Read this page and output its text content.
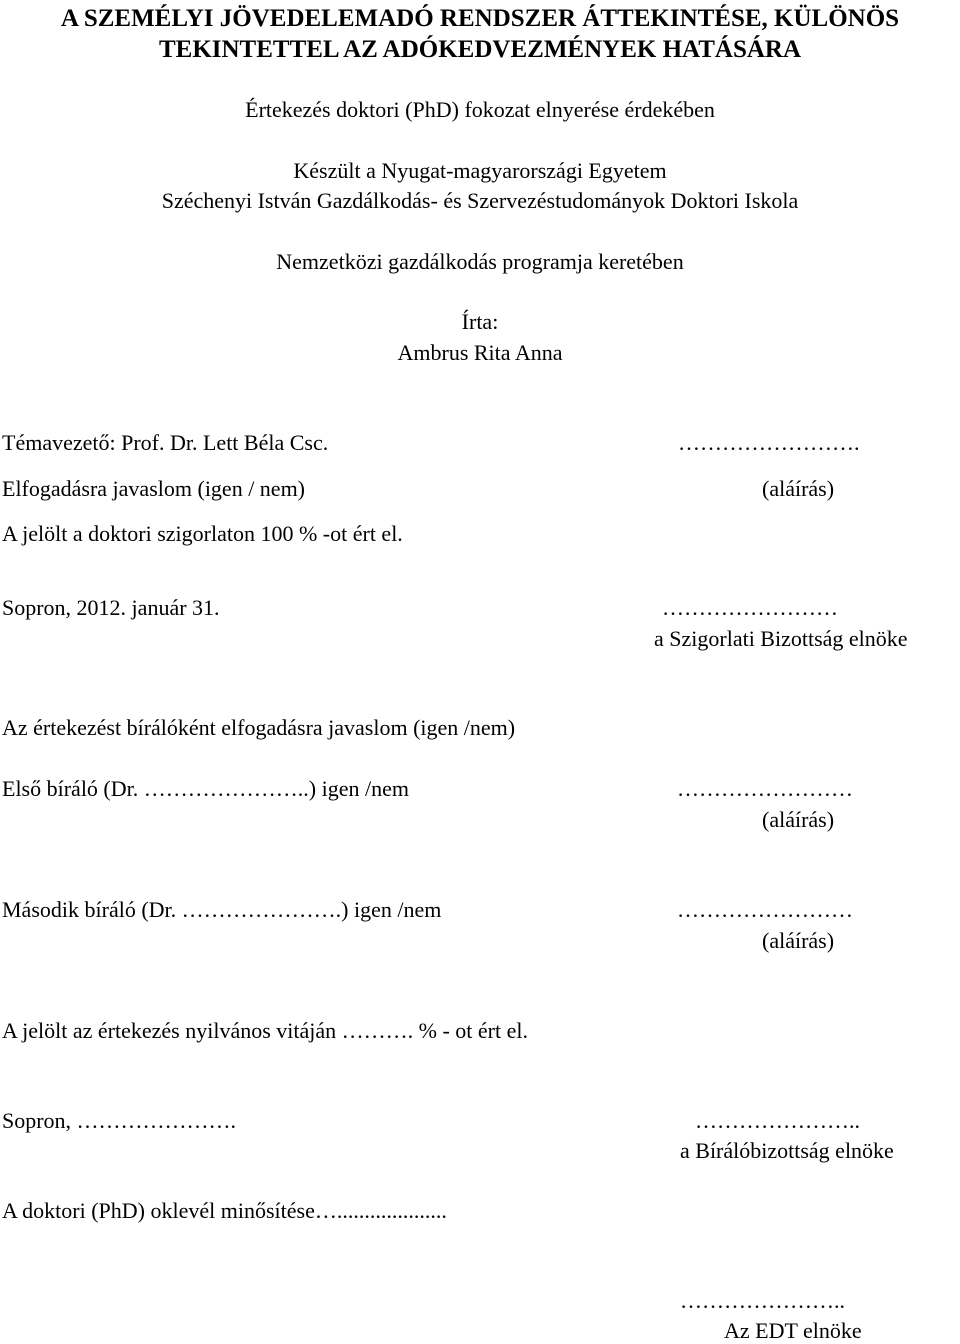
A SZEMÉLYI JÖVEDELEMADÓ RENDSZER ÁTTEKINTÉSE, KÜLÖNÖS
TEKINTETTEL AZ ADÓKEDVEZMÉNYEK HATÁSÁRA
Értekezés doktori (PhD) fokozat elnyerése érdekében
Készült a Nyugat-magyarországi Egyetem
Széchenyi István Gazdálkodás- és Szervezéstudományok Doktori Iskola
Nemzetközi gazdálkodás programja keretében
Írta:
Ambrus Rita Anna
Témavezető: Prof. Dr. Lett Béla Csc.	…………………….
Elfogadásra javaslom (igen / nem)	(aláírás)
A jelölt a doktori szigorlaton 100 % -ot ért el.
Sopron, 2012. január 31.	……………………
a Szigorlati Bizottság elnöke
Az értekezést bírálóként elfogadásra javaslom (igen /nem)
Első bíráló (Dr. …………………..) igen /nem	……………………
(aláírás)
Második bíráló (Dr. ………………….) igen /nem	……………………
(aláírás)
A jelölt az értekezés nyilvános vitáján ………. % - ot ért el.
Sopron, ………………….	…………………..
a Bírálóbizottság elnöke
A doktori (PhD) oklevél minősítése…....................
…………………..
Az EDT elnöke
